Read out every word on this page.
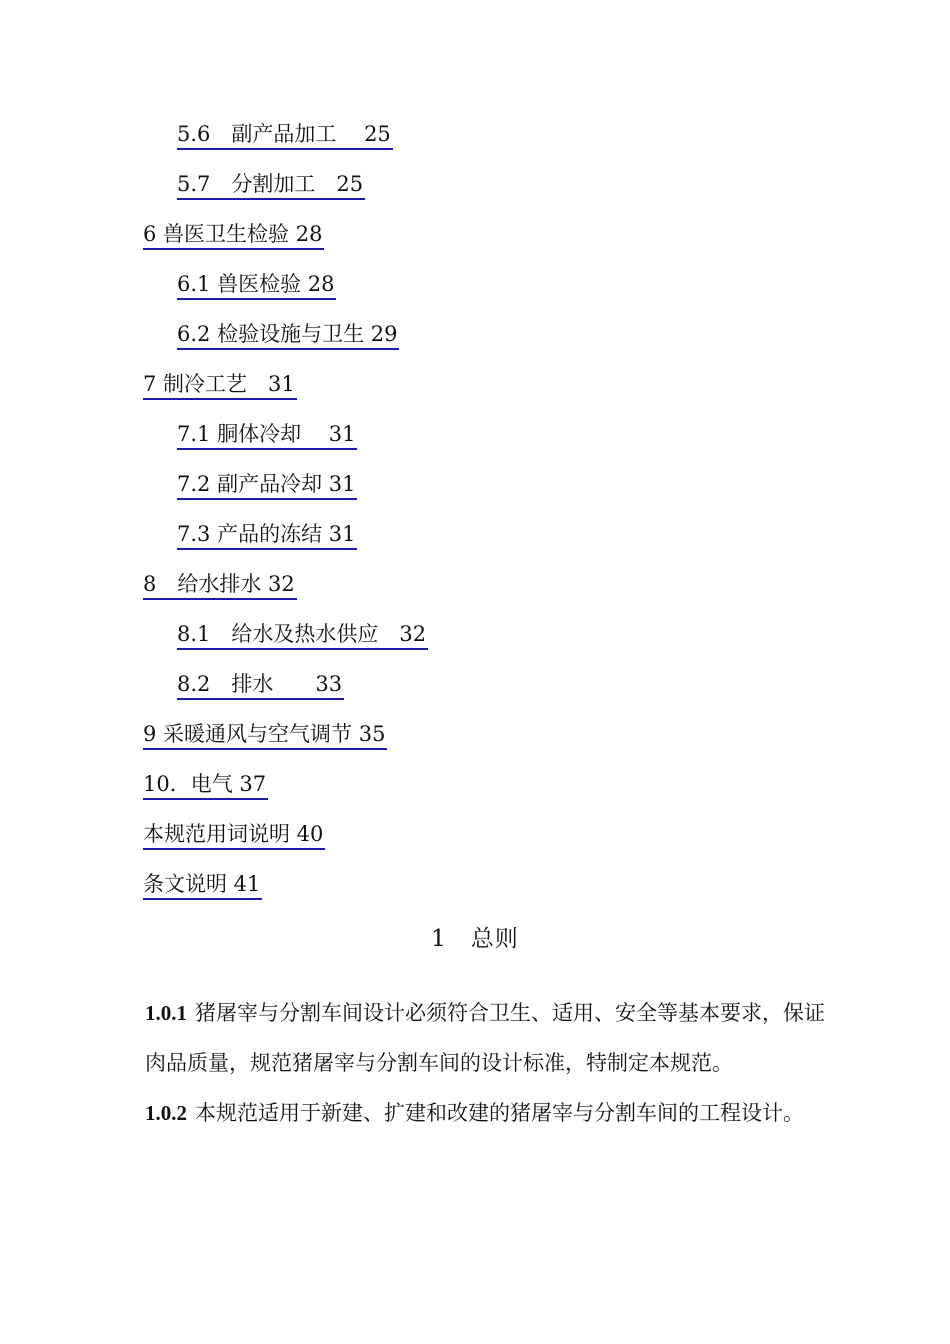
5.6　副产品加工　 25
5.7　分割加工　25
6 兽医卫生检验 28
6.1 兽医检验 28
6.2 检验设施与卫生 29
7 制冷工艺　31
7.1 胴体冷却　 31
7.2 副产品冷却 31
7.3 产品的冻结 31
8　给水排水 32
8.1　给水及热水供应　32
8.2　排水　　33
9 采暖通风与空气调节 35
10．电气 37
本规范用词说明 40
条文说明 41
1　总则
1.0.1 猪屠宰与分割车间设计必须符合卫生、适用、安全等基本要求，保证肉品质量，规范猪屠宰与分割车间的设计标准，特制定本规范。
1.0.2 本规范适用于新建、扩建和改建的猪屠宰与分割车间的工程设计。
